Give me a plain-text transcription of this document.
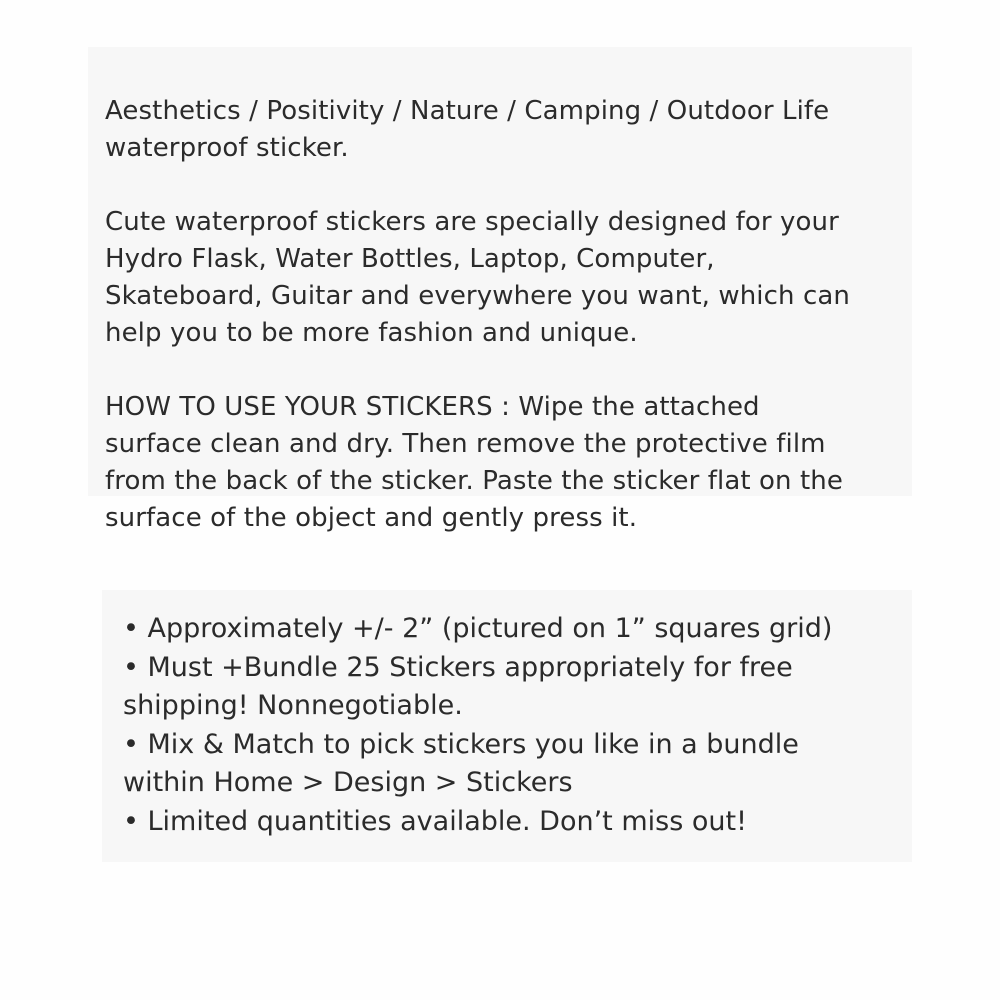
Aesthetics / Positivity / Nature / Camping / Outdoor Life
waterproof sticker.

Cute waterproof stickers are specially designed for your
Hydro Flask, Water Bottles, Laptop, Computer,
Skateboard, Guitar and everywhere you want, which can
help you to be more fashion and unique.

HOW TO USE YOUR STICKERS : Wipe the attached
surface clean and dry. Then remove the protective film
from the back of the sticker. Paste the sticker flat on the
surface of the object and gently press it.

• Approximately +/- 2” (pictured on 1” squares grid)
• Must +Bundle 25 Stickers appropriately for free
shipping! Nonnegotiable.
• Mix & Match to pick stickers you like in a bundle
within Home > Design > Stickers
• Limited quantities available. Don’t miss out!
